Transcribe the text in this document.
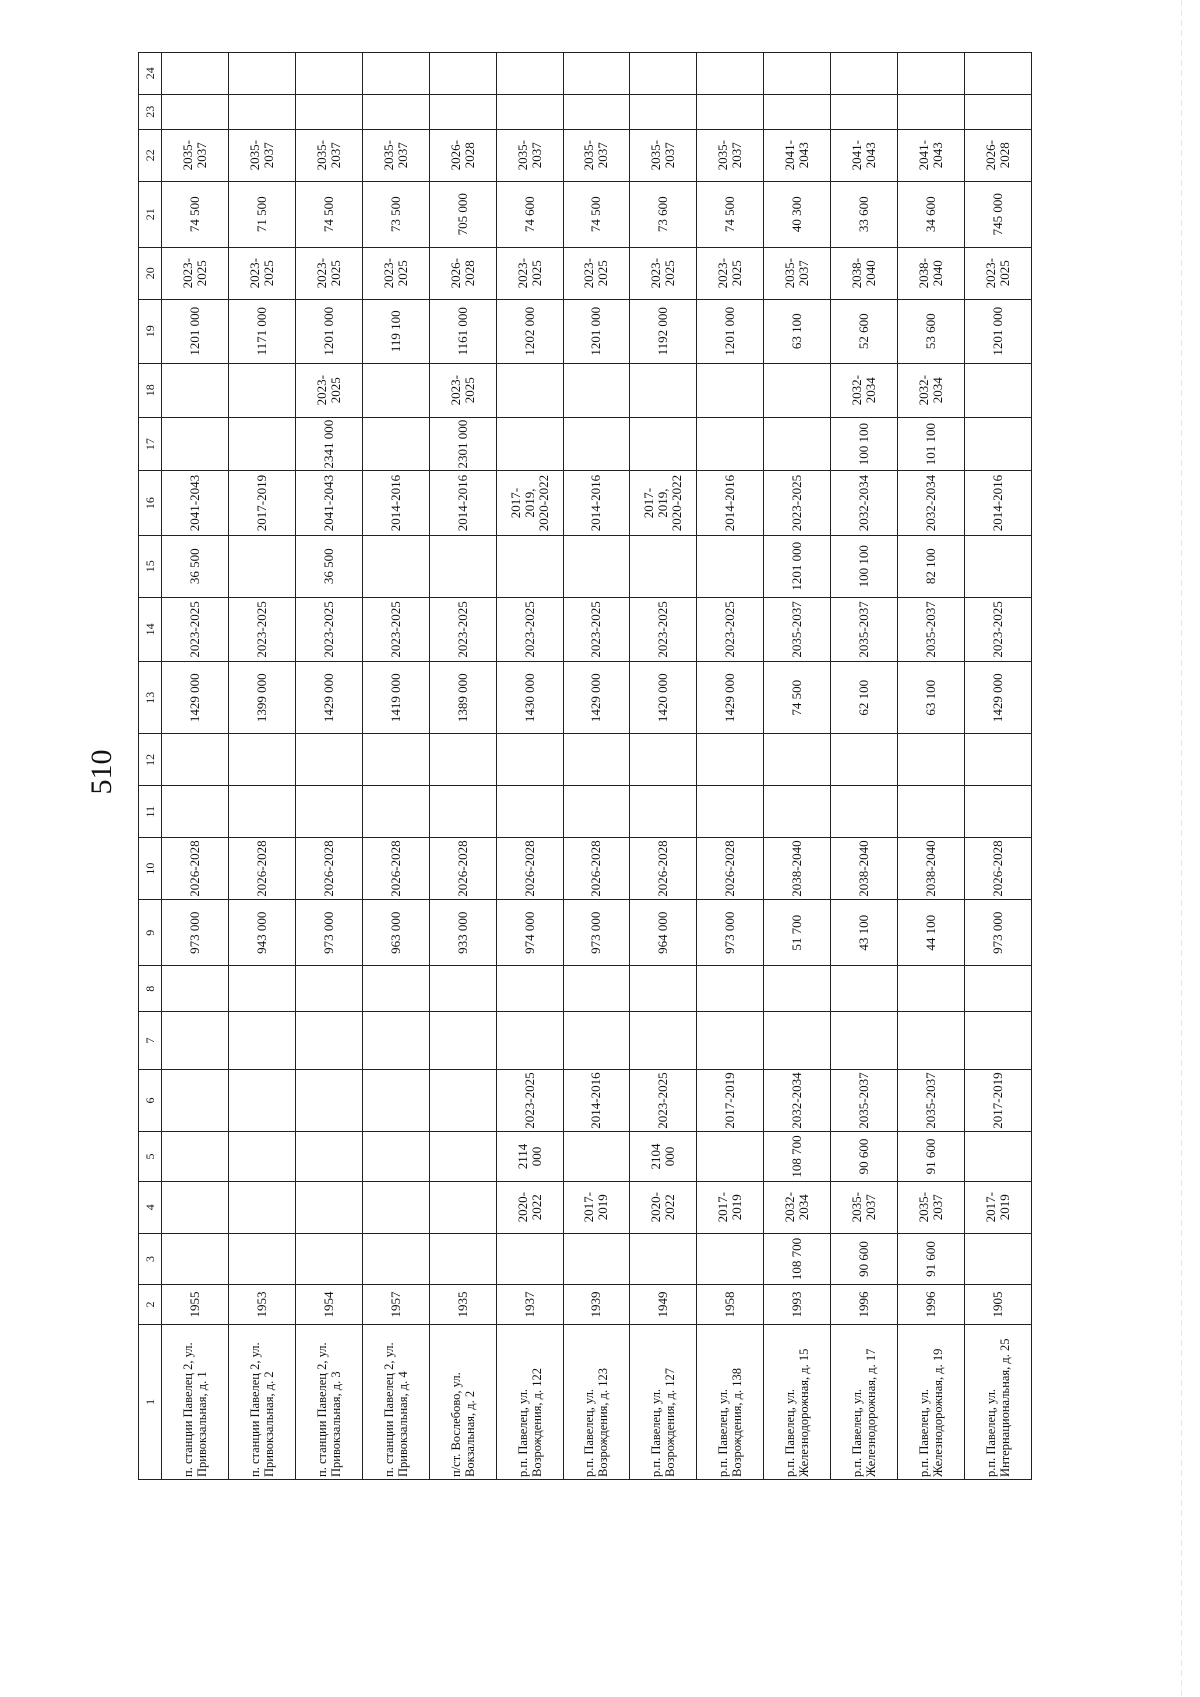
510
1	2	3	4	5	6	7	8	9	10	11	12	13	14	15	16	17	18	19	20	21	22	23	24
п. станции Павелец 2, ул. Привокзальная, д. 1	1955							973 000	2026-2028			1429 000	2023-2025	36 500	2041-2043			1201 000	2023-2025	74 500	2035-2037		
п. станции Павелец 2, ул. Привокзальная, д. 2	1953							943 000	2026-2028			1399 000	2023-2025		2017-2019			1171 000	2023-2025	71 500	2035-2037		
п. станции Павелец 2, ул. Привокзальная, д. 3	1954							973 000	2026-2028			1429 000	2023-2025	36 500	2041-2043	2341 000	2023-2025	1201 000	2023-2025	74 500	2035-2037		
п. станции Павелец 2, ул. Привокзальная, д. 4	1957							963 000	2026-2028			1419 000	2023-2025		2014-2016			119 100	2023-2025	73 500	2035-2037		
п/ст. Вослебово, ул. Вокзальная, д. 2	1935							933 000	2026-2028			1389 000	2023-2025		2014-2016	2301 000	2023-2025	1161 000	2026-2028	705 000	2026-2028		
р.п. Павелец, ул. Возрождения, д. 122	1937		2020-2022	2114 000	2023-2025			974 000	2026-2028			1430 000	2023-2025		2017-2019, 2020-2022			1202 000	2023-2025	74 600	2035-2037		
р.п. Павелец, ул. Возрождения, д. 123	1939		2017-2019		2014-2016			973 000	2026-2028			1429 000	2023-2025		2014-2016			1201 000	2023-2025	74 500	2035-2037		
р.п. Павелец, ул. Возрождения, д. 127	1949		2020-2022	2104 000	2023-2025			964 000	2026-2028			1420 000	2023-2025		2017-2019, 2020-2022			1192 000	2023-2025	73 600	2035-2037		
р.п. Павелец, ул. Возрождения, д. 138	1958		2017-2019		2017-2019			973 000	2026-2028			1429 000	2023-2025		2014-2016			1201 000	2023-2025	74 500	2035-2037		
р.п. Павелец, ул. Железнодорожная, д. 15	1993	108 700	2032-2034	108 700	2032-2034			51 700	2038-2040			74 500	2035-2037	1201 000	2023-2025			63 100	2035-2037	40 300	2041-2043		
р.п. Павелец, ул. Железнодорожная, д. 17	1996	90 600	2035-2037	90 600	2035-2037			43 100	2038-2040			62 100	2035-2037	100 100	2032-2034	100 100	2032-2034	52 600	2038-2040	33 600	2041-2043		
р.п. Павелец, ул. Железнодорожная, д. 19	1996	91 600	2035-2037	91 600	2035-2037			44 100	2038-2040			63 100	2035-2037	82 100	2032-2034	101 100	2032-2034	53 600	2038-2040	34 600	2041-2043		
р.п. Павелец, ул. Интернациональная, д. 25	1905		2017-2019		2017-2019			973 000	2026-2028			1429 000	2023-2025		2014-2016			1201 000	2023-2025	745 000	2026-2028		
